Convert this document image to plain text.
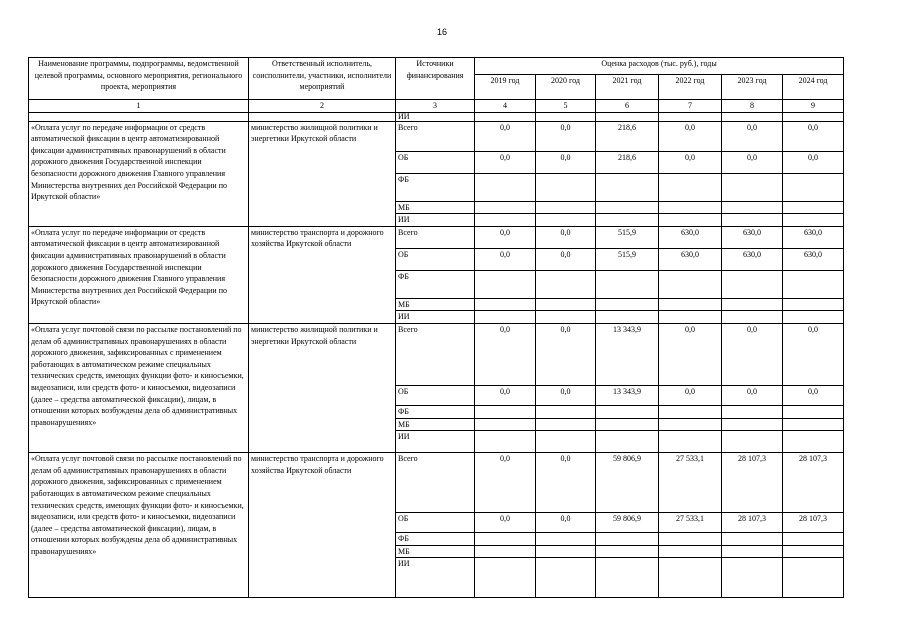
16
Наименование программы, подпрограммы, ведомственной целевой программы, основного мероприятия, регионального проекта, мероприятия	Ответственный исполнитель, соисполнители, участники, исполнители мероприятий	Источники финансирования	Оценка расходов (тыс. руб.), годы					
			2019 год	2020 год	2021 год	2022 год	2023 год	2024 год
1	2	3	4	5	6	7	8	9
		ИИ						
«Оплата услуг по передаче информации от средств автоматической фиксации в центр автоматизированной фиксации административных правонарушений в области дорожного движения Государственной инспекции безопасности дорожного движения Главного управления Министерства внутренних дел Российской Федерации по Иркутской области»	министерство жилищной политики и энергетики Иркутской области	Всего	0,0	0,0	218,6	0,0	0,0	0,0
		ОБ	0,0	0,0	218,6	0,0	0,0	0,0
		ФБ						
		МБ						
		ИИ						
«Оплата услуг по передаче информации от средств автоматической фиксации в центр автоматизированной фиксации административных правонарушений в области дорожного движения Государственной инспекции безопасности дорожного движения Главного управления Министерства внутренних дел Российской Федерации по Иркутской области»	министерство транспорта и дорожного хозяйства Иркутской области	Всего	0,0	0,0	515,9	630,0	630,0	630,0
		ОБ	0,0	0,0	515,9	630,0	630,0	630,0
		ФБ						
		МБ						
		ИИ						
«Оплата услуг почтовой связи по рассылке постановлений по делам об административных правонарушениях в области дорожного движения, зафиксированных с применением работающих в автоматическом режиме специальных технических средств, имеющих функции фото- и киносъемки, видеозаписи, или средств фото- и киносъемки, видеозаписи (далее – средства автоматической фиксации), лицам, в отношении которых возбуждены дела об административных правонарушениях»	министерство жилищной политики и энергетики Иркутской области	Всего	0,0	0,0	13 343,9	0,0	0,0	0,0
		ОБ	0,0	0,0	13 343,9	0,0	0,0	0,0
		ФБ						
		МБ						
		ИИ						
«Оплата услуг почтовой связи по рассылке постановлений по делам об административных правонарушениях в области дорожного движения, зафиксированных с применением работающих в автоматическом режиме специальных технических средств, имеющих функции фото- и киносъемки, видеозаписи, или средств фото- и киносъемки, видеозаписи (далее – средства автоматической фиксации), лицам, в отношении которых возбуждены дела об административных правонарушениях»	министерство транспорта и дорожного хозяйства Иркутской области	Всего	0,0	0,0	59 806,9	27 533,1	28 107,3	28 107,3
		ОБ	0,0	0,0	59 806,9	27 533,1	28 107,3	28 107,3
		ФБ						
		МБ						
		ИИ						
